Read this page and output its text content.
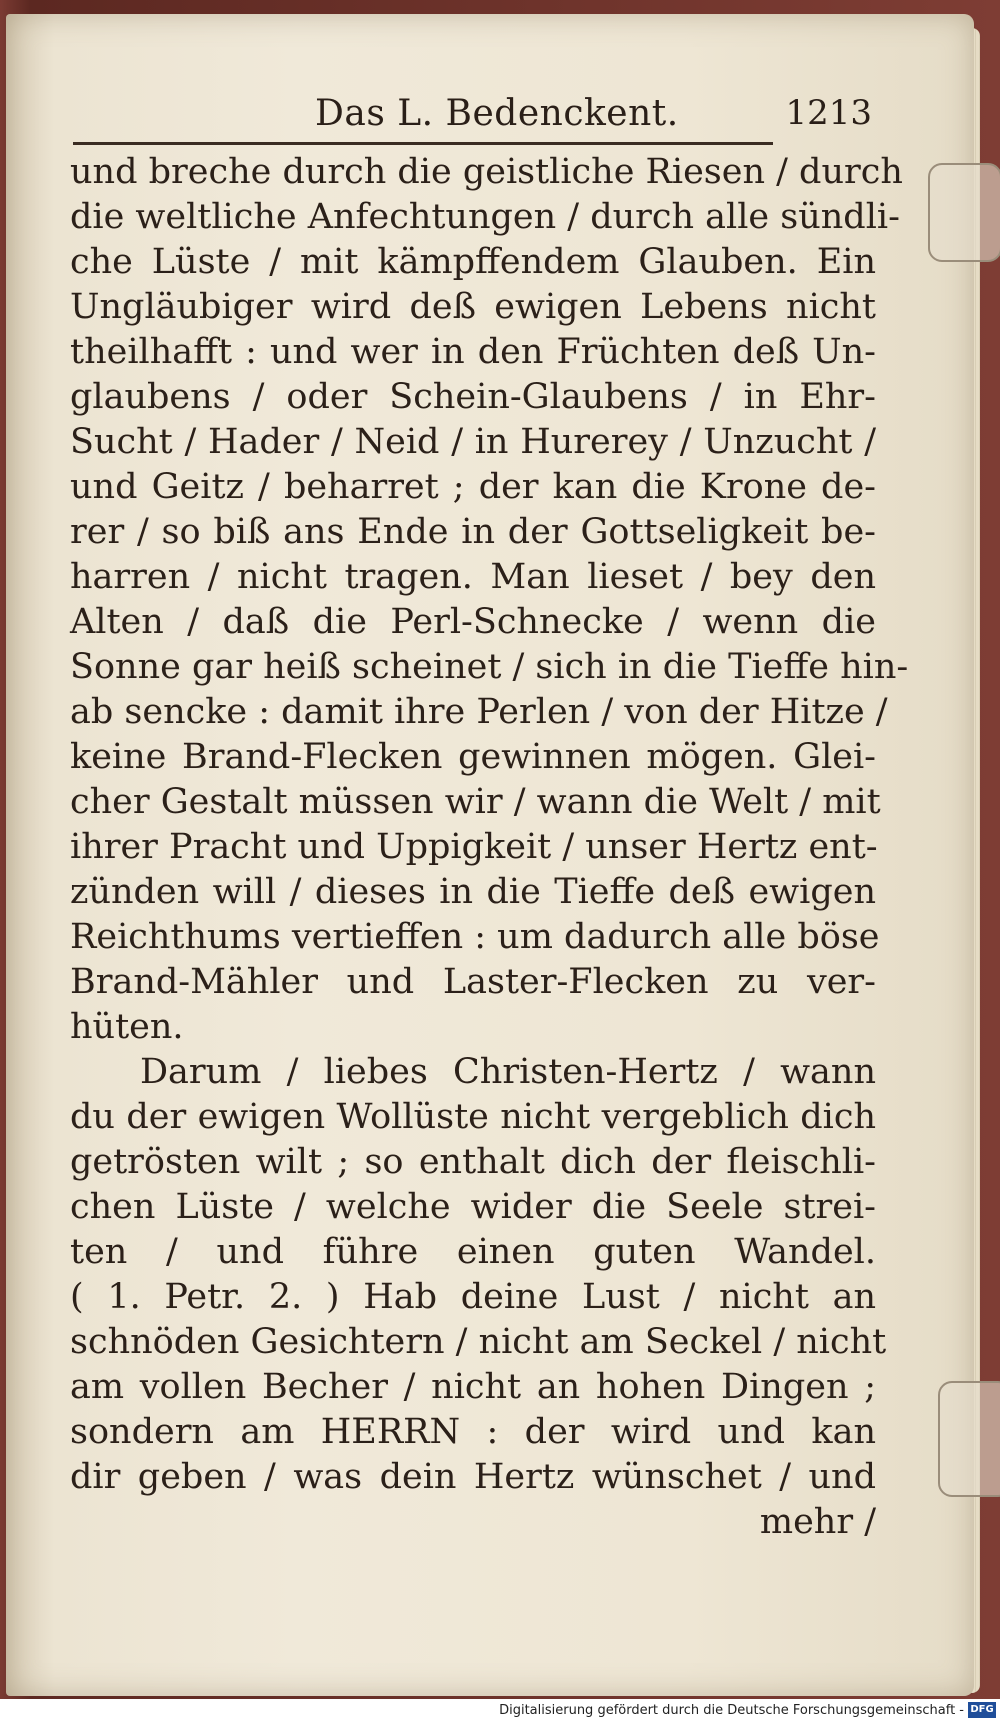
Das L. Bedenckent.	1213
und breche durch die geistliche Riesen / durch
die weltliche Anfechtungen / durch alle sündli-
che Lüste / mit kämpffendem Glauben. Ein
Ungläubiger wird deß ewigen Lebens nicht
theilhafft : und wer in den Früchten deß Un-
glaubens / oder Schein-Glaubens / in Ehr-
Sucht / Hader / Neid / in Hurerey / Unzucht /
und Geitz / beharret ; der kan die Krone de-
rer / so biß ans Ende in der Gottseligkeit be-
harren / nicht tragen. Man lieset / bey den
Alten / daß die Perl-Schnecke / wenn die
Sonne gar heiß scheinet / sich in die Tieffe hin-
ab sencke : damit ihre Perlen / von der Hitze /
keine Brand-Flecken gewinnen mögen. Glei-
cher Gestalt müssen wir / wann die Welt / mit
ihrer Pracht und Uppigkeit / unser Hertz ent-
zünden will / dieses in die Tieffe deß ewigen
Reichthums vertieffen : um dadurch alle böse
Brand-Mähler und Laster-Flecken zu ver-
hüten.
Darum / liebes Christen-Hertz / wann
du der ewigen Wollüste nicht vergeblich dich
getrösten wilt ; so enthalt dich der fleischli-
chen Lüste / welche wider die Seele strei-
ten / und führe einen guten Wandel.
( 1. Petr. 2. ) Hab deine Lust / nicht an
schnöden Gesichtern / nicht am Seckel / nicht
am vollen Becher / nicht an hohen Dingen ;
sondern am HERRN : der wird und kan
dir geben / was dein Hertz wünschet / und
mehr /
Digitalisierung gefördert durch die Deutsche Forschungsgemeinschaft - DFG
